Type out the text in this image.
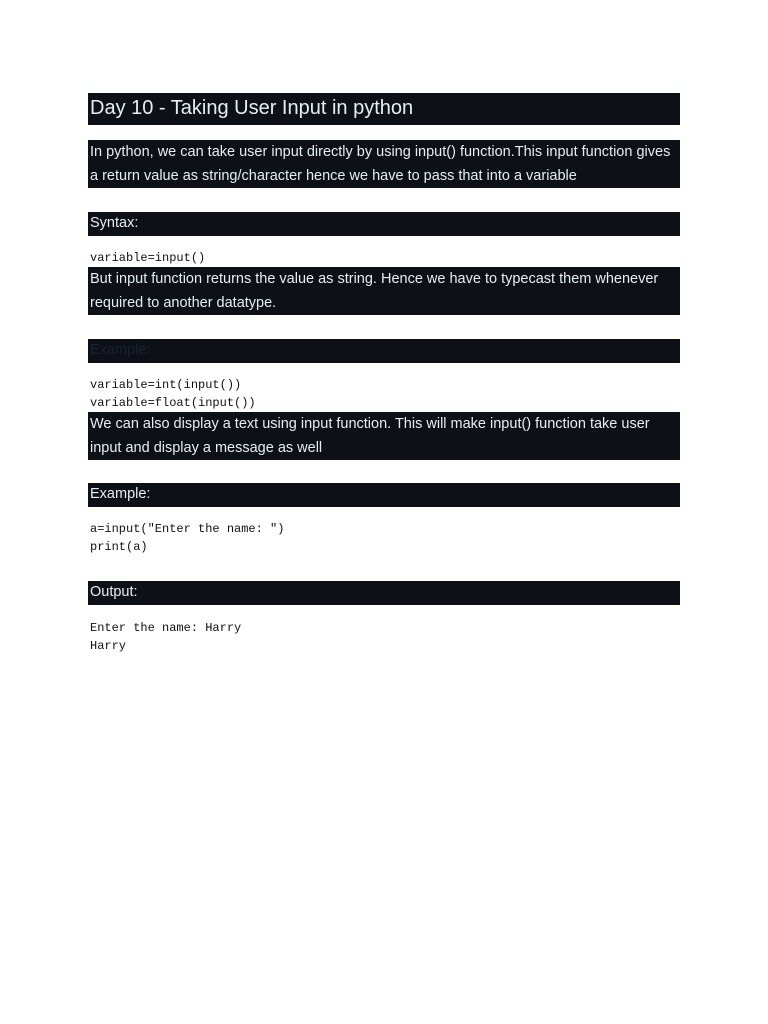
Day 10 - Taking User Input in python
In python, we can take user input directly by using input() function.This input function gives a return value as string/character hence we have to pass that into a variable
Syntax:
variable=input()
But input function returns the value as string. Hence we have to typecast them whenever required to another datatype.
Example:
variable=int(input())
variable=float(input())
We can also display a text using input function. This will make input() function take user input and display a message as well
Example:
a=input("Enter the name: ")
print(a)
Output:
Enter the name: Harry
Harry
